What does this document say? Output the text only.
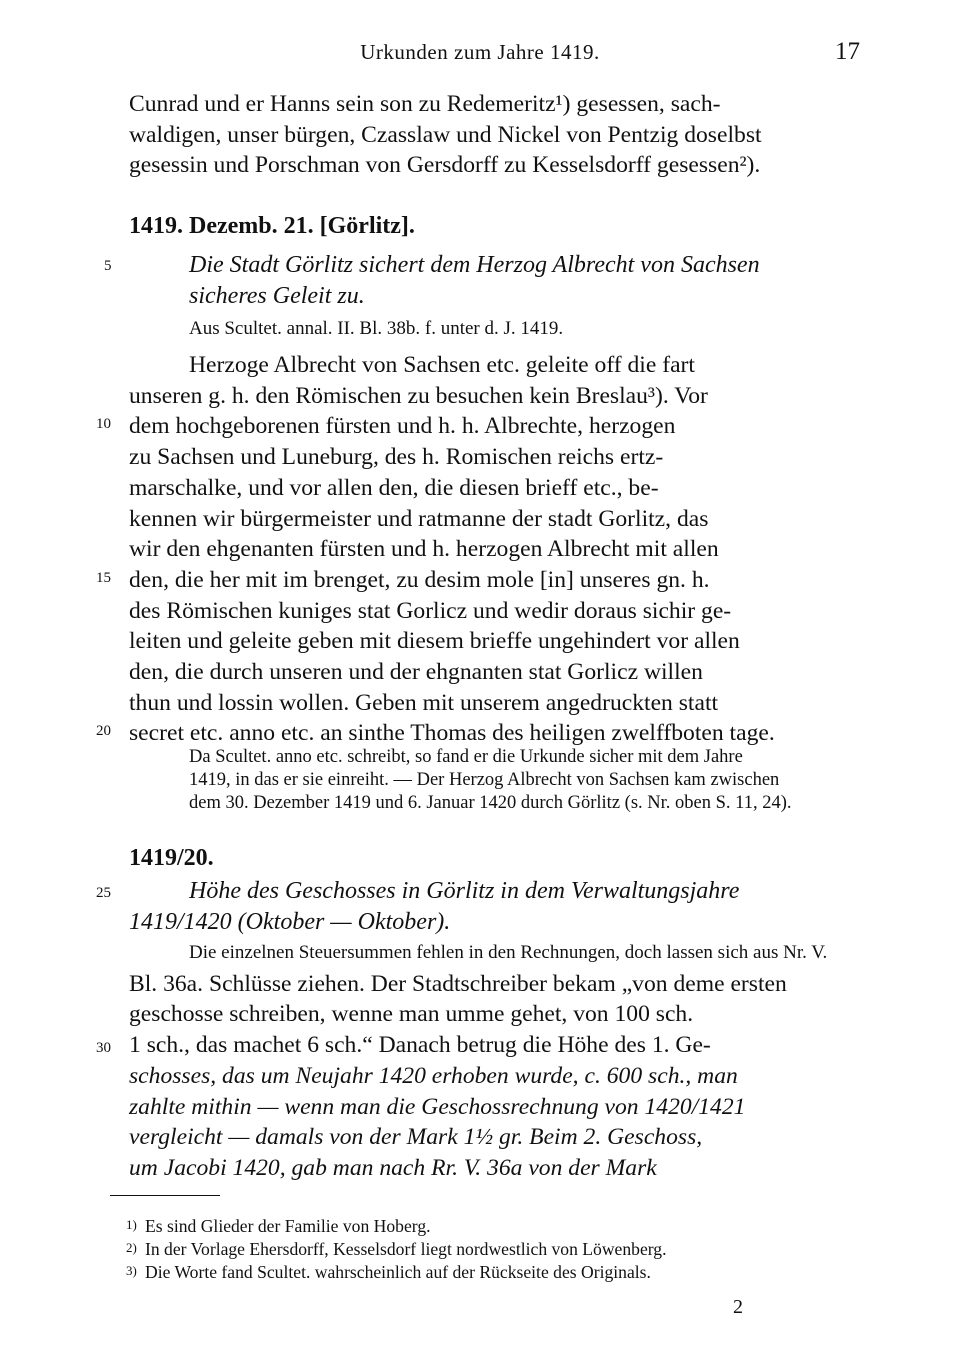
Urkunden zum Jahre 1419.	17

Cunrad und er Hanns sein son zu Redemeritz¹) gesessen, sach-

waldigen, unser bürgen, Czasslaw und Nickel von Pentzig doselbst

gesessin und Porschman von Gersdorff zu Kesselsdorff gesessen²).

1419. Dezemb. 21. [Görlitz].
Die Stadt Görlitz sichert dem Herzog Albrecht von Sachsen
sicheres Geleit zu.
Aus Scultet. annal. II. Bl. 38b. f. unter d. J. 1419.

Herzoge Albrecht von Sachsen etc. geleite off die fart

unseren g. h. den Römischen zu besuchen kein Breslau³). Vor

dem hochgeborenen fürsten und h. h. Albrechte, herzogen

zu Sachsen und Luneburg, des h. Romischen reichs ertz-

marschalke, und vor allen den, die diesen brieff etc., be-

kennen wir bürgermeister und ratmanne der stadt Gorlitz, das

wir den ehgenanten fürsten und h. herzogen Albrecht mit allen

den, die her mit im brenget, zu desim mole [in] unseres gn. h.

des Römischen kuniges stat Gorlicz und wedir doraus sichir ge-

leiten und geleite geben mit diesem brieffe ungehindert vor allen

den, die durch unseren und der ehgnanten stat Gorlicz willen

thun und lossin wollen. Geben mit unserem angedruckten statt

secret etc. anno etc. an sinthe Thomas des heiligen zwelffboten tage.

Da Scultet. anno etc. schreibt, so fand er die Urkunde sicher mit dem Jahre
1419, in das er sie einreiht. — Der Herzog Albrecht von Sachsen kam zwischen
dem 30. Dezember 1419 und 6. Januar 1420 durch Görlitz (s. Nr. oben S. 11, 24).
1419/20.
Höhe des Geschosses in Görlitz in dem Verwaltungsjahre
1419/1420 (Oktober — Oktober).

Die einzelnen Steuersummen fehlen in den Rechnungen, doch lassen sich aus Nr. V.

Bl. 36a. Schlüsse ziehen. Der Stadtschreiber bekam „von deme ersten

geschosse schreiben, wenne man umme gehet, von 100 sch.

1 sch., das machet 6 sch.“ Danach betrug die Höhe des 1. Ge-

schosses, das um Neujahr 1420 erhoben wurde, c. 600 sch., man

zahlte mithin — wenn man die Geschossrechnung von 1420/1421

vergleicht — damals von der Mark 1½ gr. Beim 2. Geschoss,

um Jacobi 1420, gab man nach Rr. V. 36a von der Mark

5
10
15
20
25
30
1) Es sind Glieder der Familie von Hoberg.
2) In der Vorlage Ehersdorff, Kesselsdorf liegt nordwestlich von Löwenberg.
3) Die Worte fand Scultet. wahrscheinlich auf der Rückseite des Originals.
2
